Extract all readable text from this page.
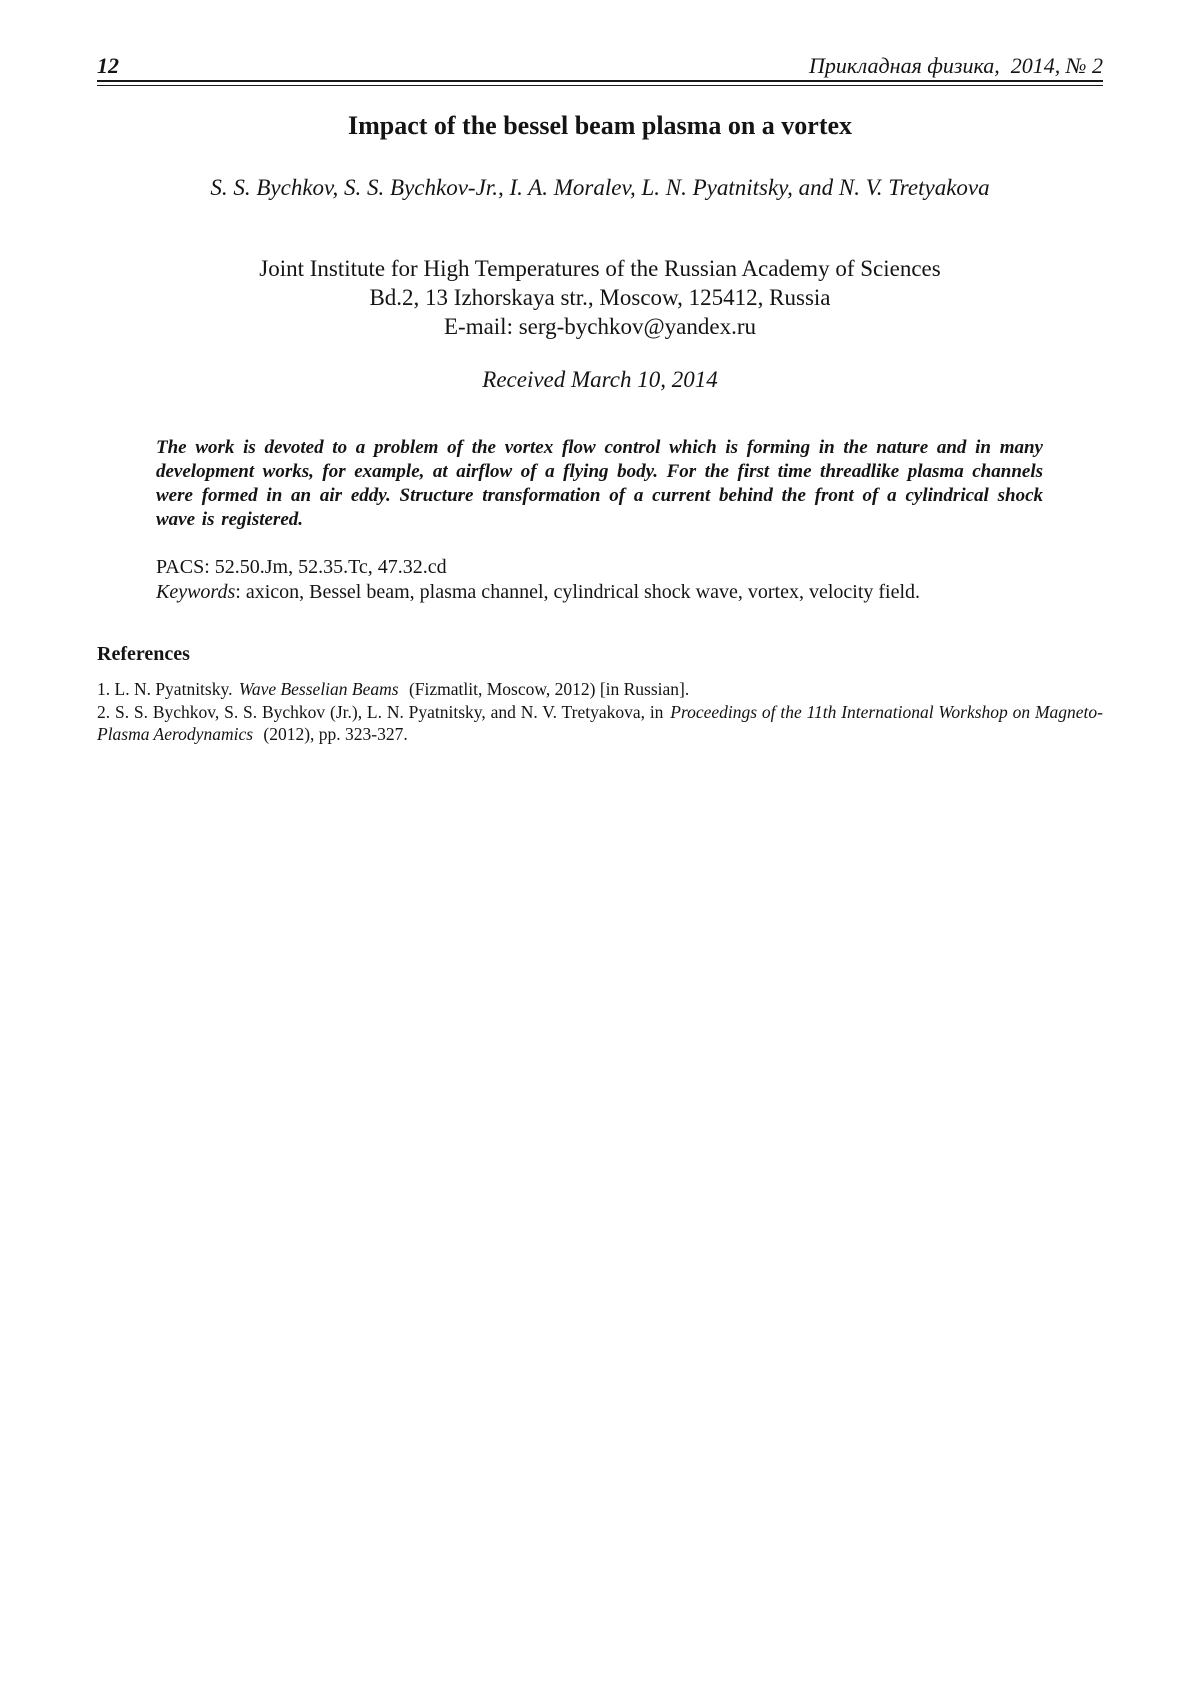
12	Прикладная физика,  2014, № 2
Impact of the bessel beam plasma on a vortex
S. S. Bychkov, S. S. Bychkov-Jr., I. A. Moralev, L. N. Pyatnitsky, and N. V. Tretyakova
Joint Institute for High Temperatures of the Russian Academy of Sciences
Bd.2, 13 Izhorskaya str., Moscow, 125412, Russia
E-mail: serg-bychkov@yandex.ru
Received March 10, 2014

The work is devoted to a problem of the vortex flow control which is forming in the nature and in many development works, for example, at airflow of a flying body. For the first time threadlike plasma channels were formed in an air eddy. Structure transformation of a current behind the front of a cylindrical shock wave is registered.

PACS: 52.50.Jm, 52.35.Tc, 47.32.cd
Keywords: axicon, Bessel beam, plasma channel, cylindrical shock wave, vortex, velocity field.
References

1. L. N. Pyatnitsky. Wave Besselian Beams (Fizmatlit, Moscow, 2012) [in Russian].

2. S. S. Bychkov, S. S. Bychkov (Jr.), L. N. Pyatnitsky, and N. V. Tretyakova, in Proceedings of the 11th International Workshop on Magneto-Plasma Aerodynamics (2012), pp. 323-327.
